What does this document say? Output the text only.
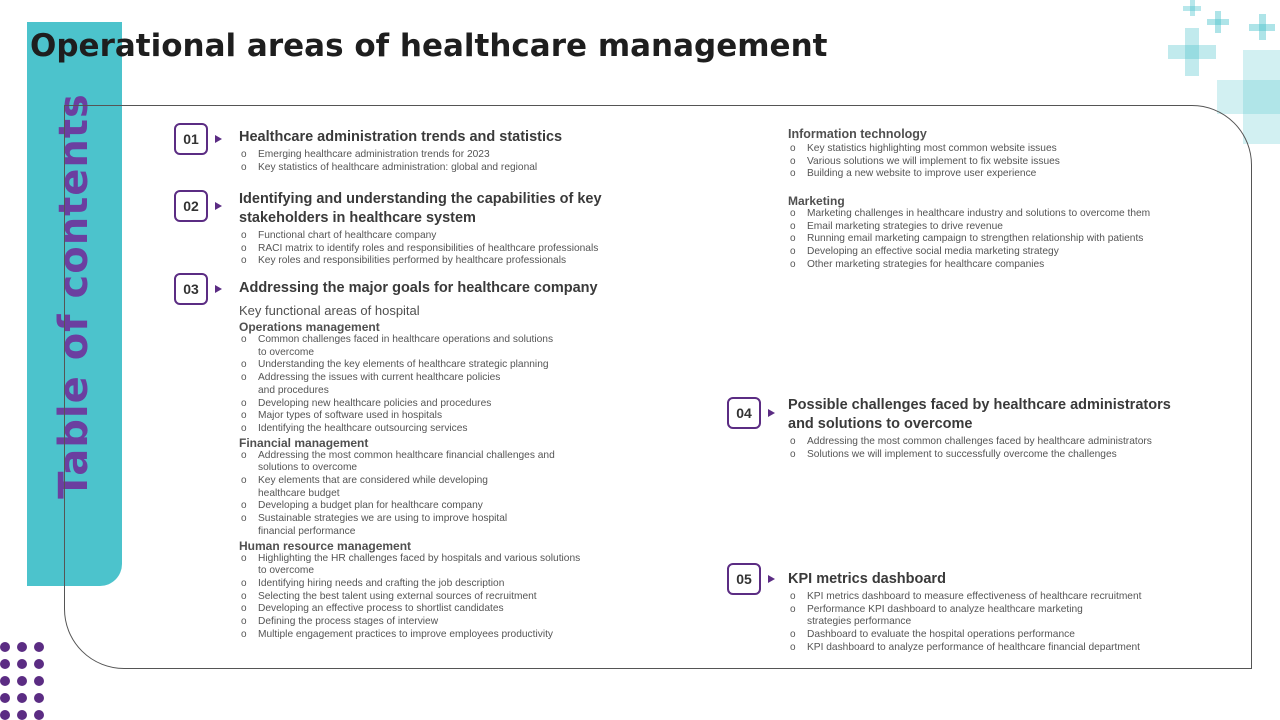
Table of contents
Operational areas of healthcare management
01	Healthcare administration trends and statistics

o Emerging healthcare administration trends for 2023
o Key statistics of healthcare administration: global and regional
02	Identifying and understanding the capabilities of key

stakeholders in healthcare system

o Functional chart of healthcare company
o RACI matrix to identify roles and responsibilities of healthcare professionals
o Key roles and responsibilities performed by healthcare professionals
03	Addressing the major goals for healthcare company

Key functional areas of hospital

Operations management

o Common challenges faced in healthcare operations and solutions
to overcome
o Understanding the key elements of healthcare strategic planning
o Addressing the issues with current healthcare policies
and procedures
o Developing new healthcare policies and procedures
o Major types of software used in hospitals
o Identifying the healthcare outsourcing services

Financial management

o Addressing the most common healthcare financial challenges and
solutions to overcome
o Key elements that are considered while developing
healthcare budget
o Developing a budget plan for healthcare company
o Sustainable strategies we are using to improve hospital
financial performance

Human resource management

o Highlighting the HR challenges faced by hospitals and various solutions
to overcome
o Identifying hiring needs and crafting the job description
o Selecting the best talent using external sources of recruitment
o Developing an effective process to shortlist candidates
o Defining the process stages of interview
o Multiple engagement practices to improve employees productivity

Information technology

o Key statistics highlighting most common website issues
o Various solutions we will implement to fix website issues
o Building a new website to improve user experience

Marketing

o Marketing challenges in healthcare industry and solutions to overcome them
o Email marketing strategies to drive revenue
o Running email marketing campaign to strengthen relationship with patients
o Developing an effective social media marketing strategy
o Other marketing strategies for healthcare companies
04	Possible challenges faced by healthcare administrators

and solutions to overcome

o Addressing the most common challenges faced by healthcare administrators
o Solutions we will implement to successfully overcome the challenges
05	KPI metrics dashboard

o KPI metrics dashboard to measure effectiveness of healthcare recruitment
o Performance KPI dashboard to analyze healthcare marketing
strategies performance
o Dashboard to evaluate the hospital operations performance
o KPI dashboard to analyze performance of healthcare financial department
